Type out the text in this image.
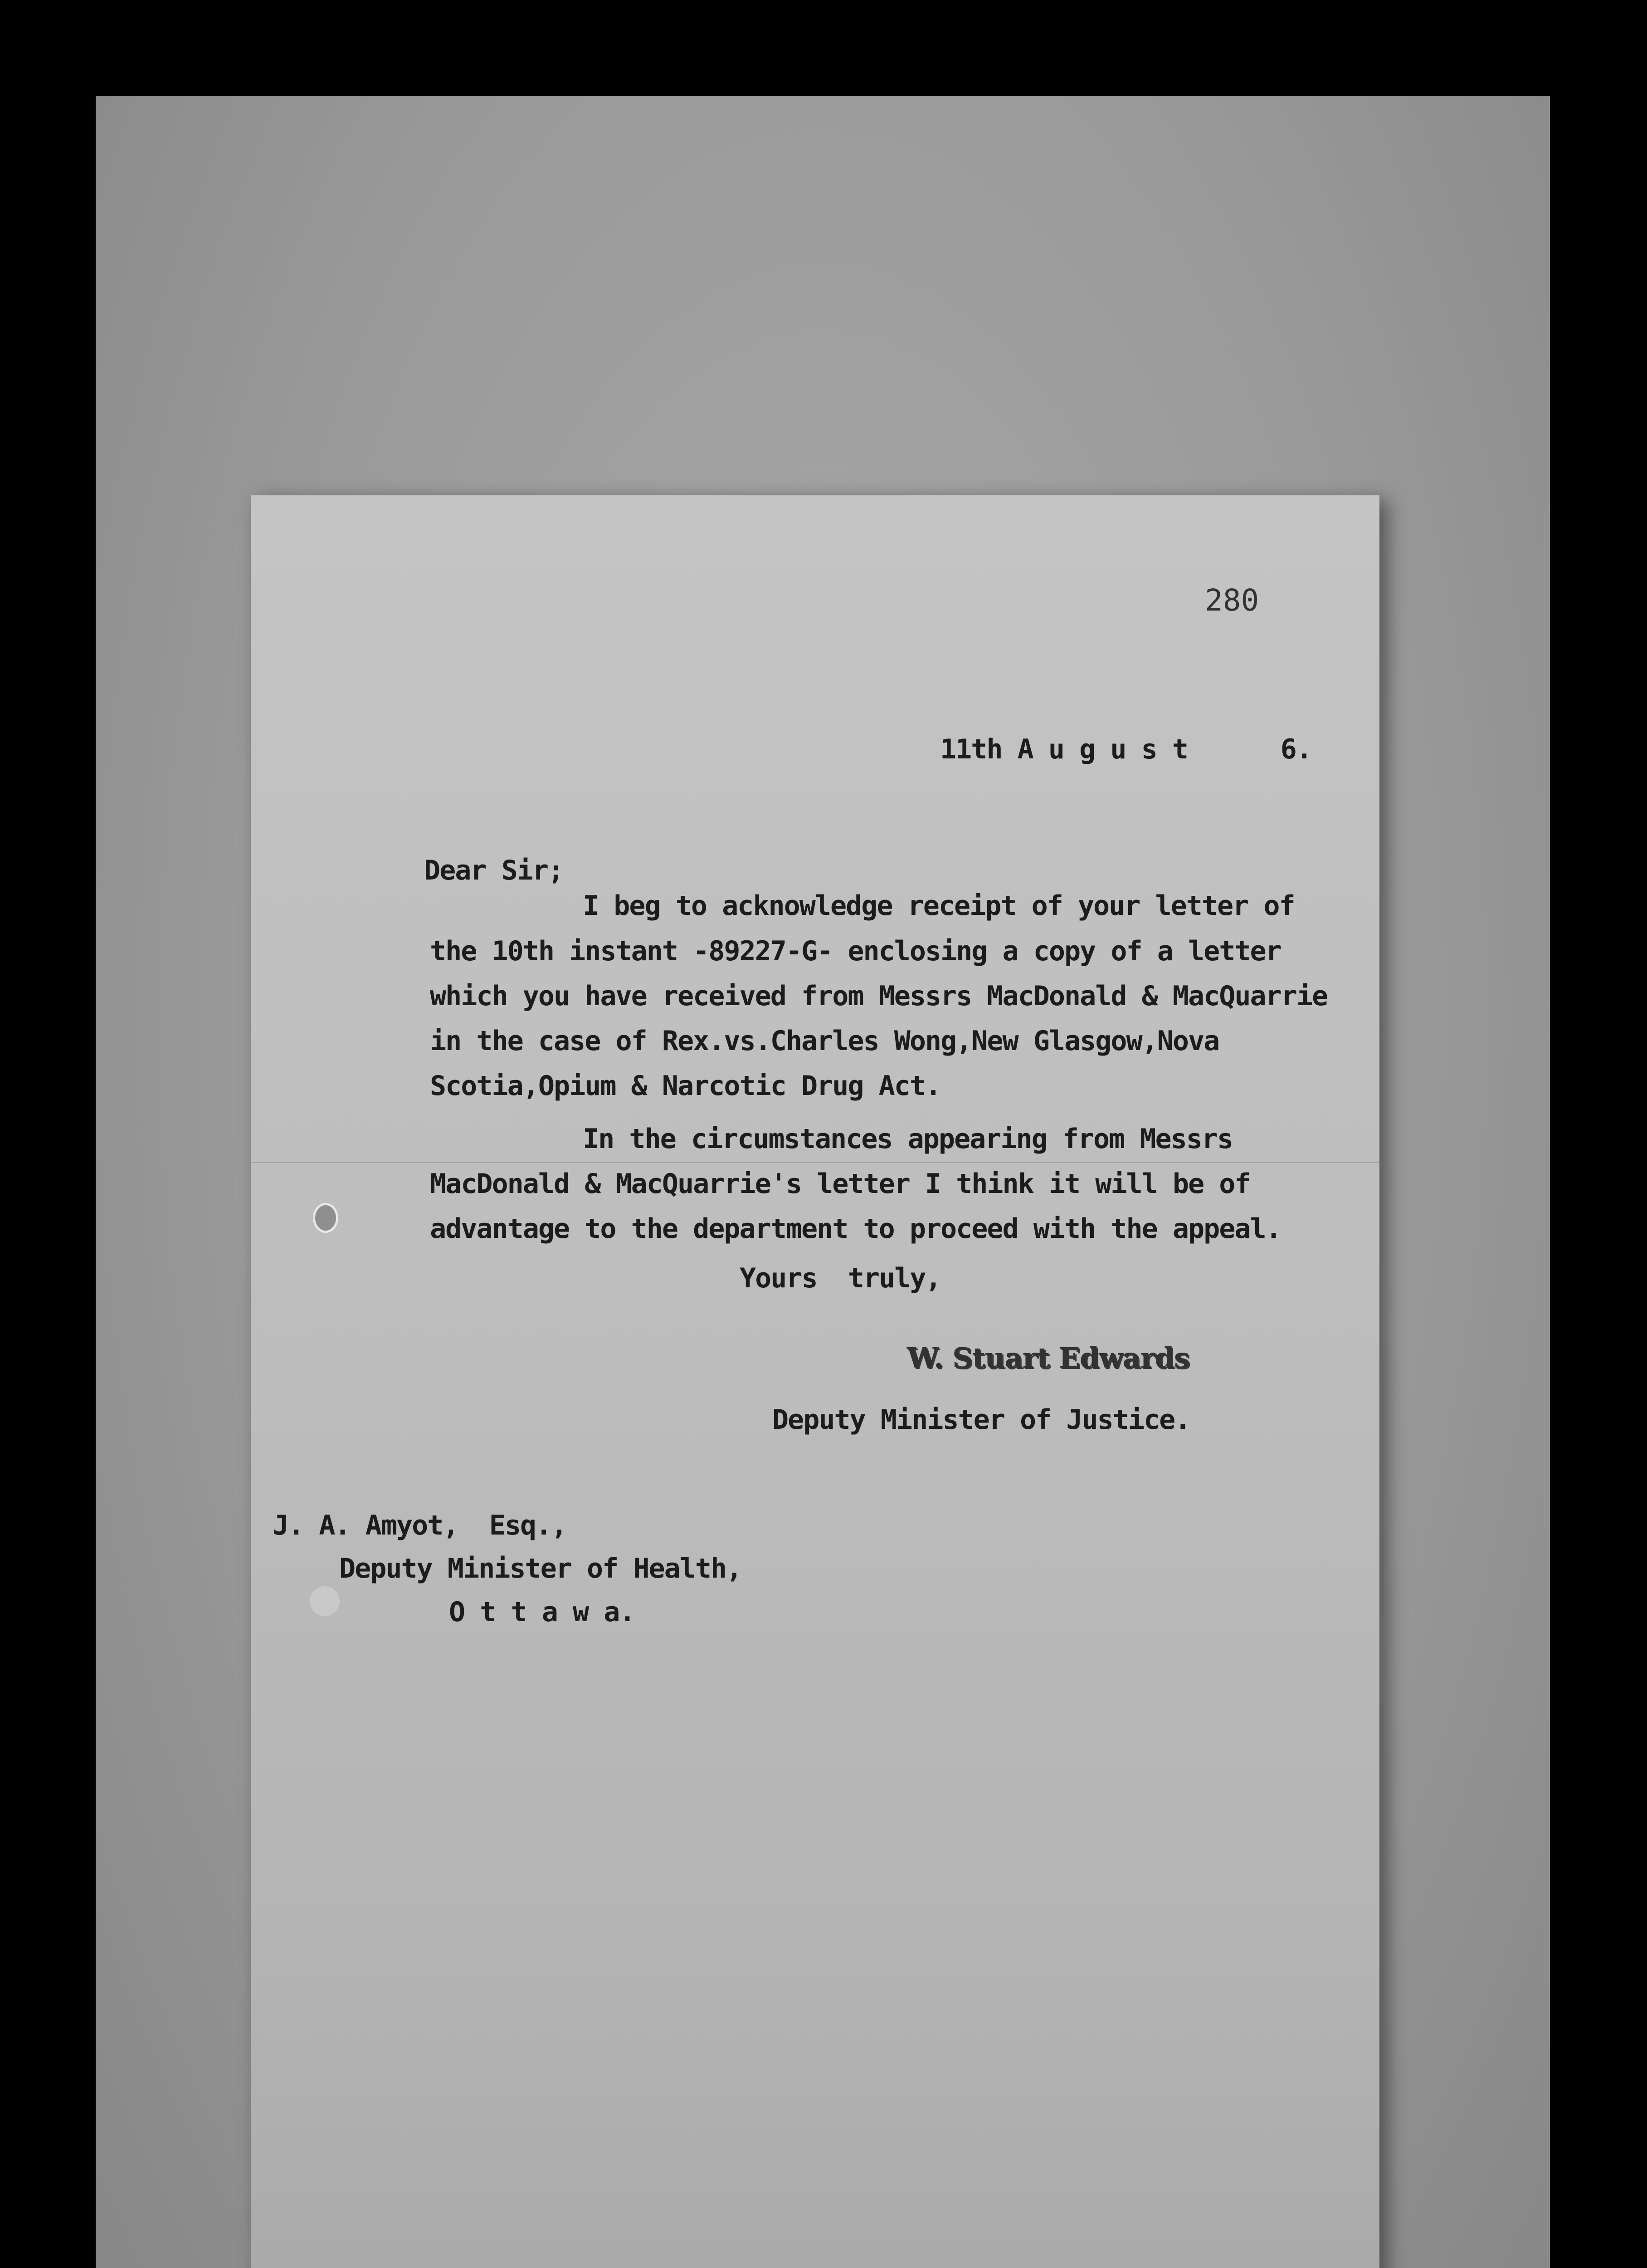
280
11th A u g u s t      6.
Dear Sir;
I beg to acknowledge receipt of your letter of
the 10th instant -89227-G- enclosing a copy of a letter
which you have received from Messrs MacDonald & MacQuarrie
in the case of Rex.vs.Charles Wong,New Glasgow,Nova
Scotia,Opium & Narcotic Drug Act.
In the circumstances appearing from Messrs
MacDonald & MacQuarrie's letter I think it will be of
advantage to the department to proceed with the appeal.
Yours  truly,
W. Stuart Edwards
Deputy Minister of Justice.
J. A. Amyot,  Esq.,
Deputy Minister of Health,
O t t a w a.
